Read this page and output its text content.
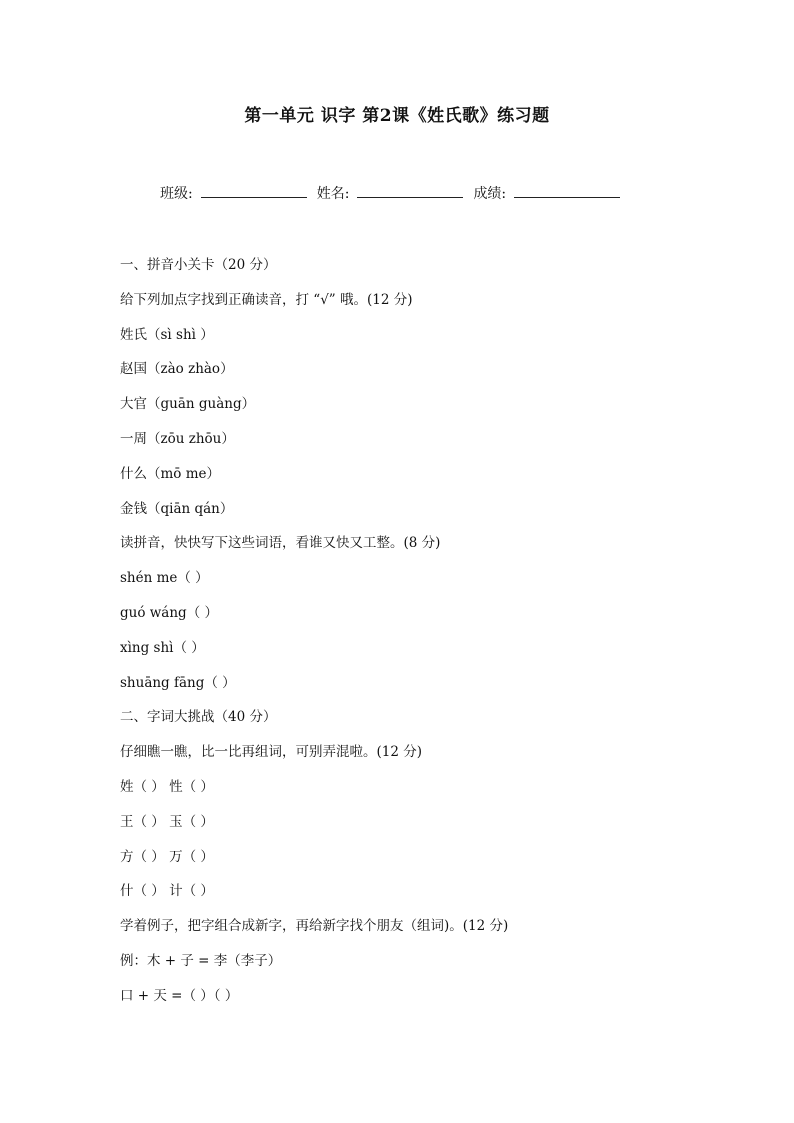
第一单元 识字 第2课《姓氏歌》练习题
班级:	姓名:	成绩:
一、拼音小关卡（20 分）
给下列加点字找到正确读音，打 “√” 哦。(12 分)
姓氏（sì shì ）
赵国（zào zhào）
大官（guān guàng）
一周（zōu zhōu）
什么（mō me）
金钱（qiān qán）
读拼音，快快写下这些词语，看谁又快又工整。(8 分)
shén me（ ）
guó wáng（ ）
xìng shì（ ）
shuāng fāng（ ）
二、字词大挑战（40 分）
仔细瞧一瞧，比一比再组词，可别弄混啦。(12 分)
姓（ ） 性（ ）
王（ ） 玉（ ）
方（ ） 万（ ）
什（ ） 计（ ）
学着例子，把字组合成新字，再给新字找个朋友（组词)。(12 分)
例：木 + 子 = 李（李子）
口 + 天 =（ ）（ ）
